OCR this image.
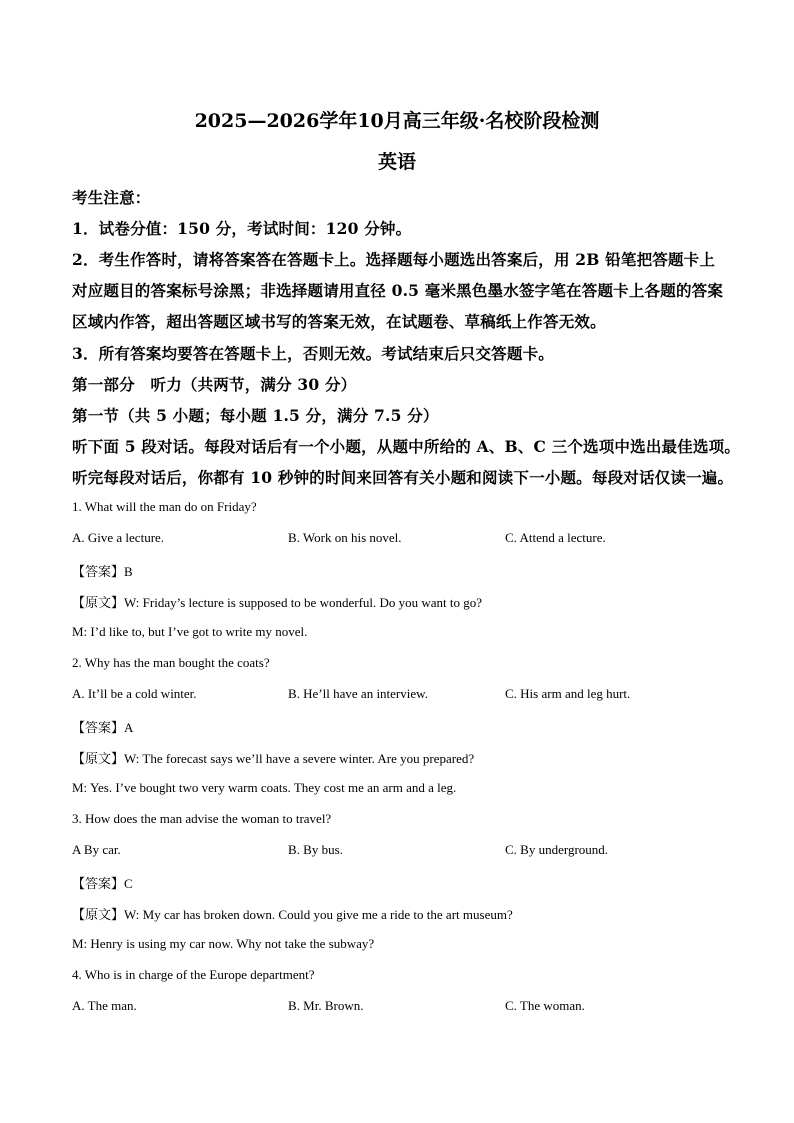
2025—2026学年10月高三年级·名校阶段检测
英语
考生注意：
1．试卷分值：150 分，考试时间：120 分钟。
2．考生作答时，请将答案答在答题卡上。选择题每小题选出答案后，用 2B 铅笔把答题卡上
对应题目的答案标号涂黑；非选择题请用直径 0.5 毫米黑色墨水签字笔在答题卡上各题的答案
区域内作答，超出答题区域书写的答案无效，在试题卷、草稿纸上作答无效。
3．所有答案均要答在答题卡上，否则无效。考试结束后只交答题卡。
第一部分　听力（共两节，满分 30 分）
第一节（共 5 小题；每小题 1.5 分，满分 7.5 分）
听下面 5 段对话。每段对话后有一个小题，从题中所给的 A、B、C 三个选项中选出最佳选项。
听完每段对话后，你都有 10 秒钟的时间来回答有关小题和阅读下一小题。每段对话仅读一遍。
1. What will the man do on Friday?
A. Give a lecture.	B. Work on his novel.	C. Attend a lecture.
【答案】B
【原文】W: Friday’s lecture is supposed to be wonderful. Do you want to go?
M: I’d like to, but I’ve got to write my novel.
2. Why has the man bought the coats?
A. It’ll be a cold winter.	B. He’ll have an interview.	C. His arm and leg hurt.
【答案】A
【原文】W: The forecast says we’ll have a severe winter. Are you prepared?
M: Yes. I’ve bought two very warm coats. They cost me an arm and a leg.
3. How does the man advise the woman to travel?
A By car.	B. By bus.	C. By underground.
【答案】C
【原文】W: My car has broken down. Could you give me a ride to the art museum?
M: Henry is using my car now. Why not take the subway?
4. Who is in charge of the Europe department?
A. The man.	B. Mr. Brown.	C. The woman.
